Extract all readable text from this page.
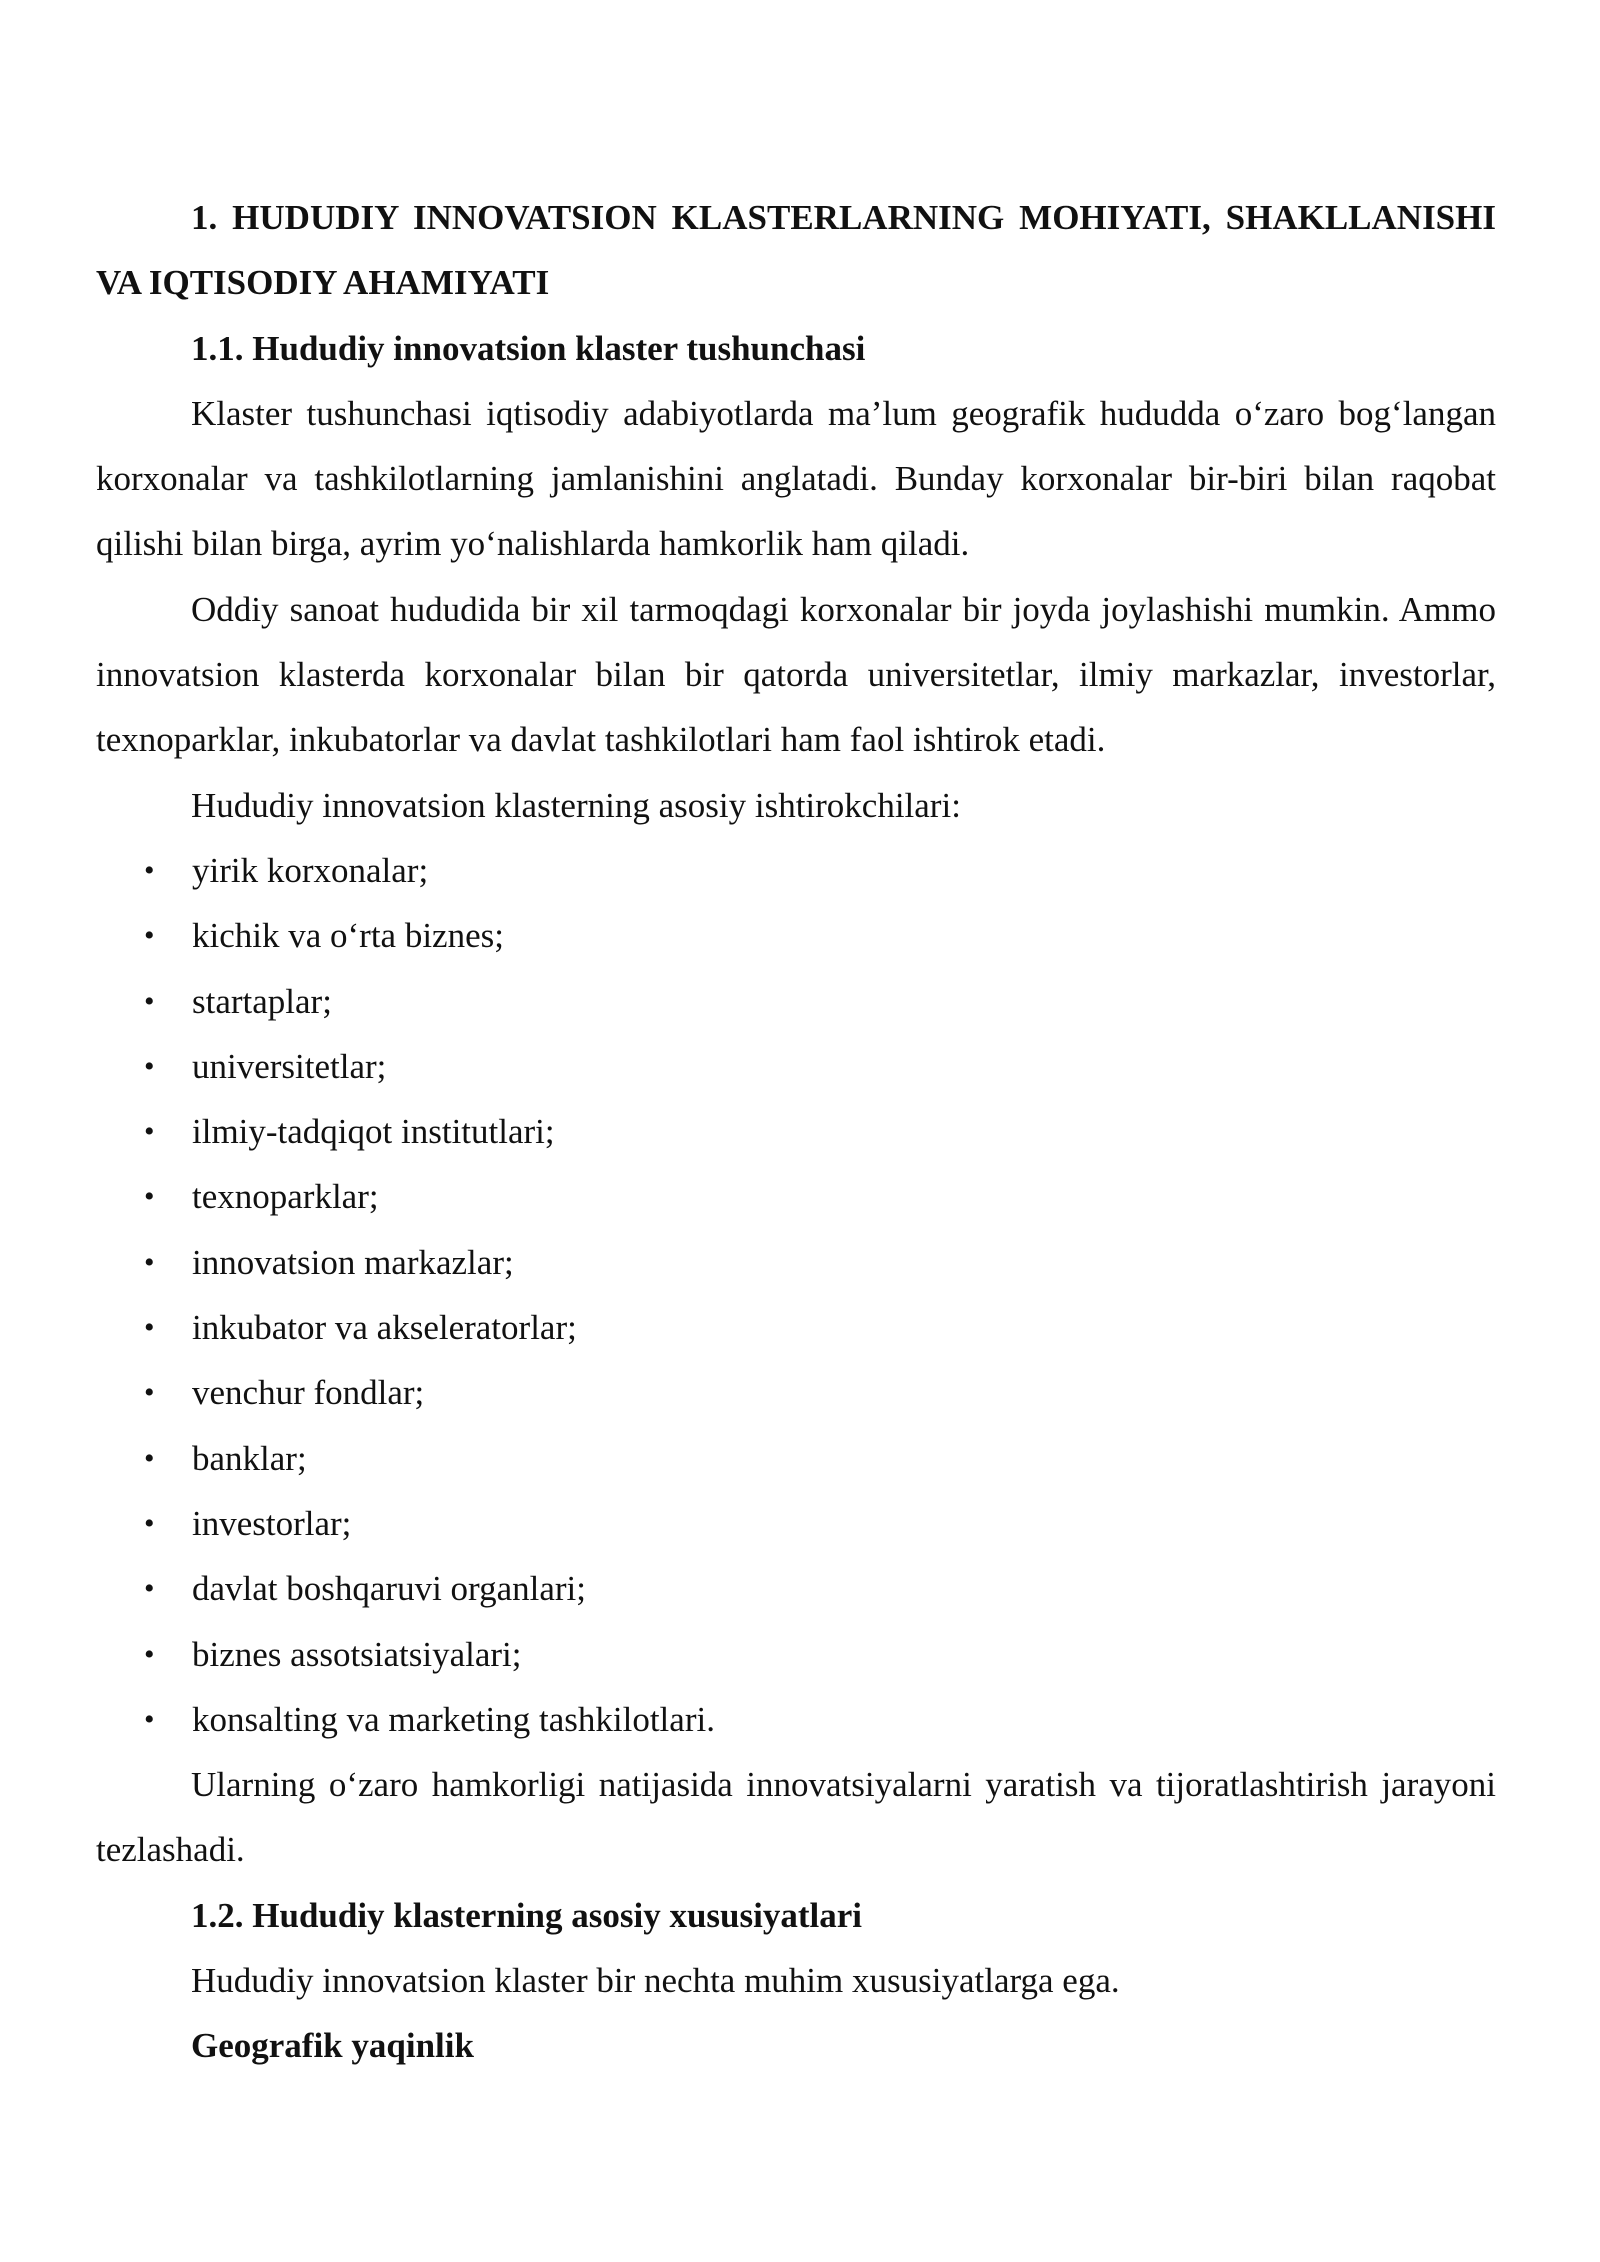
1. HUDUDIY INNOVATSION KLASTERLARNING MOHIYATI, SHAKLLANISHI VA IQTISODIY AHAMIYATI

1.1. Hududiy innovatsion klaster tushunchasi

Klaster tushunchasi iqtisodiy adabiyotlarda ma’lum geografik hududda o‘zaro bog‘langan korxonalar va tashkilotlarning jamlanishini anglatadi. Bunday korxonalar bir-biri bilan raqobat qilishi bilan birga, ayrim yo‘nalishlarda hamkorlik ham qiladi.

Oddiy sanoat hududida bir xil tarmoqdagi korxonalar bir joyda joylashishi mumkin. Ammo innovatsion klasterda korxonalar bilan bir qatorda universitetlar, ilmiy markazlar, investorlar, texnoparklar, inkubatorlar va davlat tashkilotlari ham faol ishtirok etadi.

Hududiy innovatsion klasterning asosiy ishtirokchilari:

• yirik korxonalar;
• kichik va o‘rta biznes;
• startaplar;
• universitetlar;
• ilmiy-tadqiqot institutlari;
• texnoparklar;
• innovatsion markazlar;
• inkubator va akseleratorlar;
• venchur fondlar;
• banklar;
• investorlar;
• davlat boshqaruvi organlari;
• biznes assotsiatsiyalari;
• konsalting va marketing tashkilotlari.

Ularning o‘zaro hamkorligi natijasida innovatsiyalarni yaratish va tijoratlashtirish jarayoni tezlashadi.

1.2. Hududiy klasterning asosiy xususiyatlari

Hududiy innovatsion klaster bir nechta muhim xususiyatlarga ega.

Geografik yaqinlik
